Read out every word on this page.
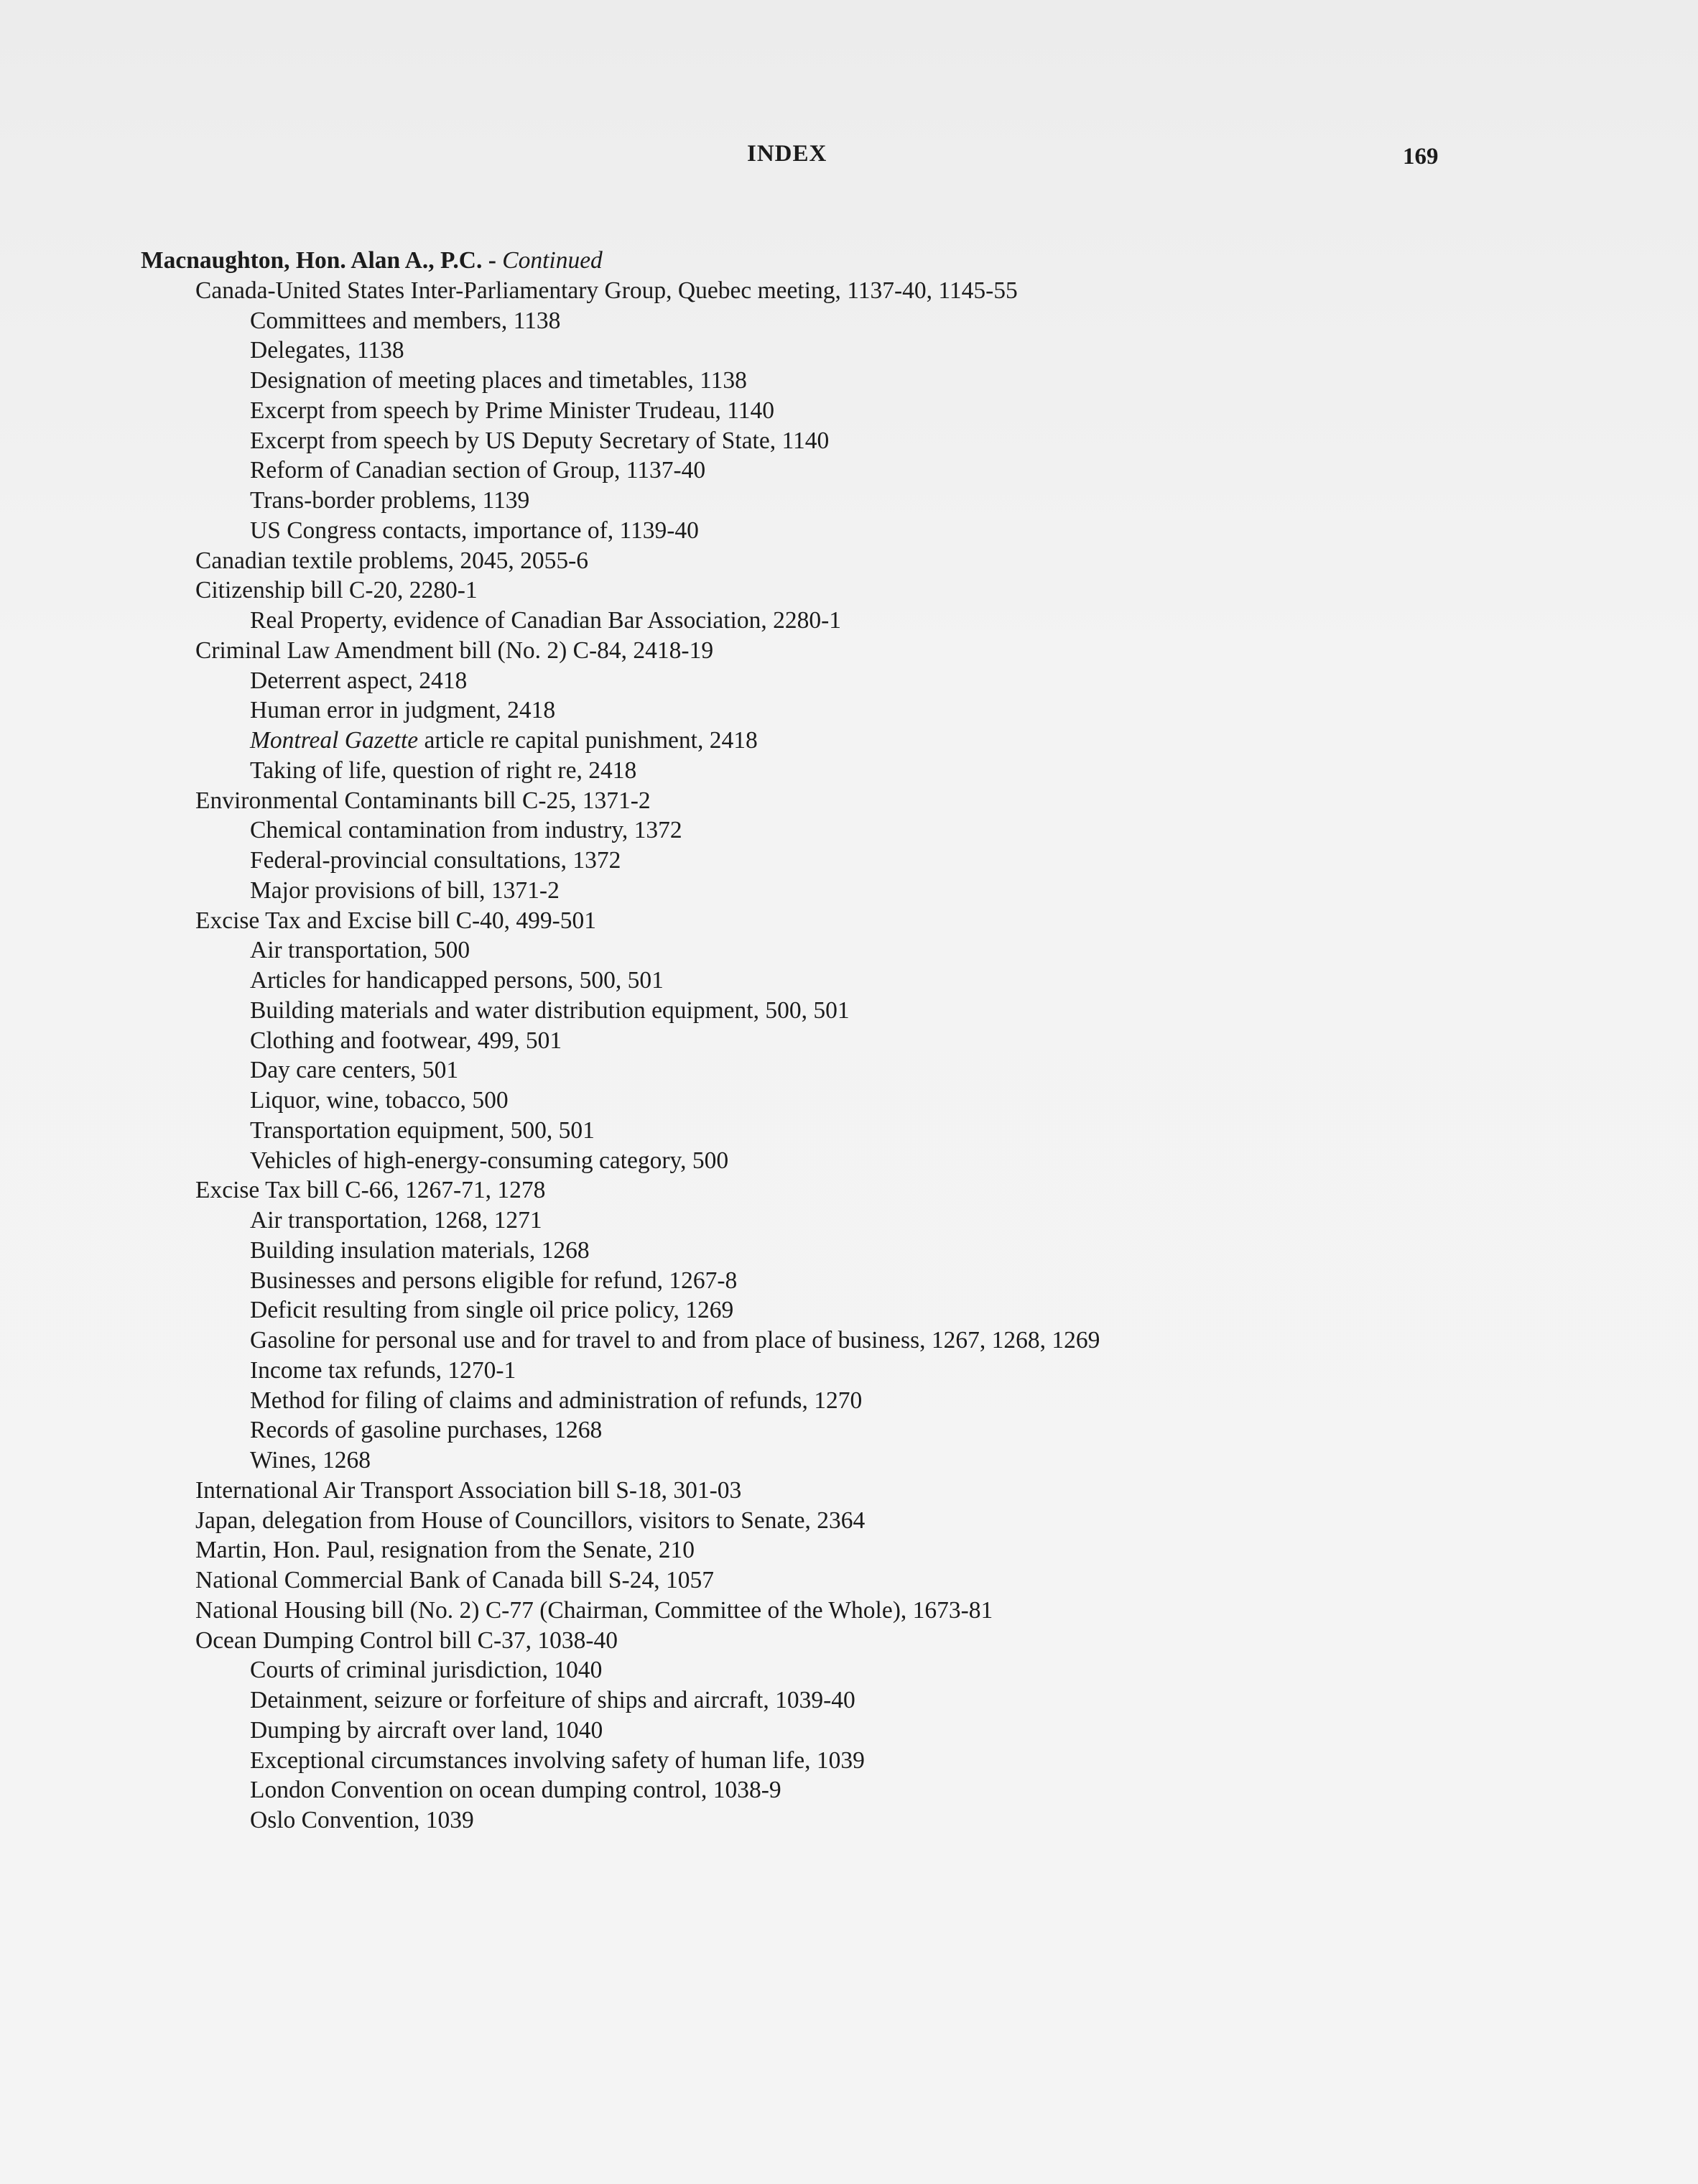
INDEX	169
Macnaughton, Hon. Alan A., P.C. - Continued
Canada-United States Inter-Parliamentary Group, Quebec meeting, 1137-40, 1145-55
Committees and members, 1138
Delegates, 1138
Designation of meeting places and timetables, 1138
Excerpt from speech by Prime Minister Trudeau, 1140
Excerpt from speech by US Deputy Secretary of State, 1140
Reform of Canadian section of Group, 1137-40
Trans-border problems, 1139
US Congress contacts, importance of, 1139-40
Canadian textile problems, 2045, 2055-6
Citizenship bill C-20, 2280-1
Real Property, evidence of Canadian Bar Association, 2280-1
Criminal Law Amendment bill (No. 2) C-84, 2418-19
Deterrent aspect, 2418
Human error in judgment, 2418
Montreal Gazette article re capital punishment, 2418
Taking of life, question of right re, 2418
Environmental Contaminants bill C-25, 1371-2
Chemical contamination from industry, 1372
Federal-provincial consultations, 1372
Major provisions of bill, 1371-2
Excise Tax and Excise bill C-40, 499-501
Air transportation, 500
Articles for handicapped persons, 500, 501
Building materials and water distribution equipment, 500, 501
Clothing and footwear, 499, 501
Day care centers, 501
Liquor, wine, tobacco, 500
Transportation equipment, 500, 501
Vehicles of high-energy-consuming category, 500
Excise Tax bill C-66, 1267-71, 1278
Air transportation, 1268, 1271
Building insulation materials, 1268
Businesses and persons eligible for refund, 1267-8
Deficit resulting from single oil price policy, 1269
Gasoline for personal use and for travel to and from place of business, 1267, 1268, 1269
Income tax refunds, 1270-1
Method for filing of claims and administration of refunds, 1270
Records of gasoline purchases, 1268
Wines, 1268
International Air Transport Association bill S-18, 301-03
Japan, delegation from House of Councillors, visitors to Senate, 2364
Martin, Hon. Paul, resignation from the Senate, 210
National Commercial Bank of Canada bill S-24, 1057
National Housing bill (No. 2) C-77 (Chairman, Committee of the Whole), 1673-81
Ocean Dumping Control bill C-37, 1038-40
Courts of criminal jurisdiction, 1040
Detainment, seizure or forfeiture of ships and aircraft, 1039-40
Dumping by aircraft over land, 1040
Exceptional circumstances involving safety of human life, 1039
London Convention on ocean dumping control, 1038-9
Oslo Convention, 1039
